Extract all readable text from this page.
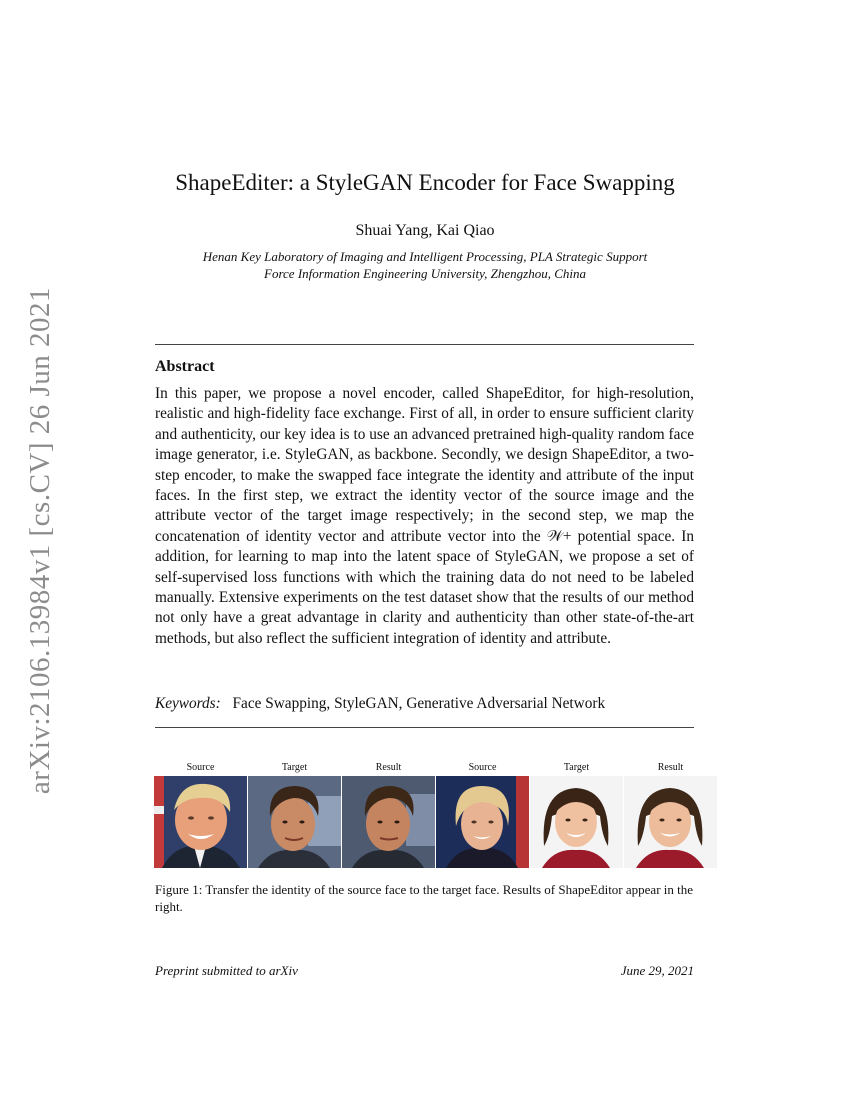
arXiv:2106.13984v1 [cs.CV] 26 Jun 2021
ShapeEditer: a StyleGAN Encoder for Face Swapping
Shuai Yang, Kai Qiao
Henan Key Laboratory of Imaging and Intelligent Processing, PLA Strategic Support
Force Information Engineering University, Zhengzhou, China
Abstract

In this paper, we propose a novel encoder, called ShapeEditor, for high-resolution, realistic and high-fidelity face exchange. First of all, in order to ensure sufficient clarity and authenticity, our key idea is to use an advanced pretrained high-quality random face image generator, i.e. StyleGAN, as backbone. Secondly, we design ShapeEditor, a two-step encoder, to make the swapped face integrate the identity and attribute of the input faces. In the first step, we extract the identity vector of the source image and the attribute vector of the target image respectively; in the second step, we map the concatenation of identity vector and attribute vector into the 𝒲+ potential space. In addition, for learning to map into the latent space of StyleGAN, we propose a set of self-supervised loss functions with which the training data do not need to be labeled manually. Extensive experiments on the test dataset show that the results of our method not only have a great advantage in clarity and authenticity than other state-of-the-art methods, but also reflect the sufficient integration of identity and attribute.

Keywords: Face Swapping, StyleGAN, Generative Adversarial Network
Source	Target	Result	Source	Target	Result

Figure 1: Transfer the identity of the source face to the target face. Results of ShapeEditor appear in the right.

Preprint submitted to arXiv	June 29, 2021
